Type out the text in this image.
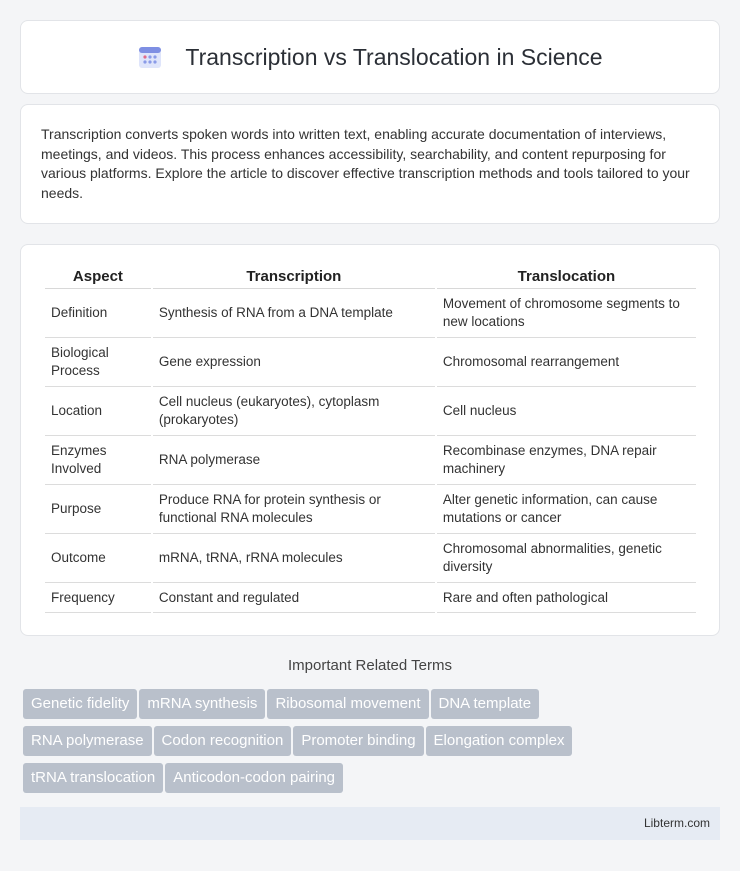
Transcription vs Translocation in Science

Transcription converts spoken words into written text, enabling accurate documentation of interviews, meetings, and videos. This process enhances accessibility, searchability, and content repurposing for various platforms. Explore the article to discover effective transcription methods and tools tailored to your needs.

Aspect	Transcription	Translocation
Definition	Synthesis of RNA from a DNA template	Movement of chromosome segments to new locations
Biological Process	Gene expression	Chromosomal rearrangement
Location	Cell nucleus (eukaryotes), cytoplasm (prokaryotes)	Cell nucleus
Enzymes Involved	RNA polymerase	Recombinase enzymes, DNA repair machinery
Purpose	Produce RNA for protein synthesis or functional RNA molecules	Alter genetic information, can cause mutations or cancer
Outcome	mRNA, tRNA, rRNA molecules	Chromosomal abnormalities, genetic diversity
Frequency	Constant and regulated	Rare and often pathological
Important Related Terms
Genetic fidelity mRNA synthesis Ribosomal movement DNA template
RNA polymerase Codon recognition Promoter binding Elongation complex
tRNA translocation Anticodon-codon pairing
Libterm.com
